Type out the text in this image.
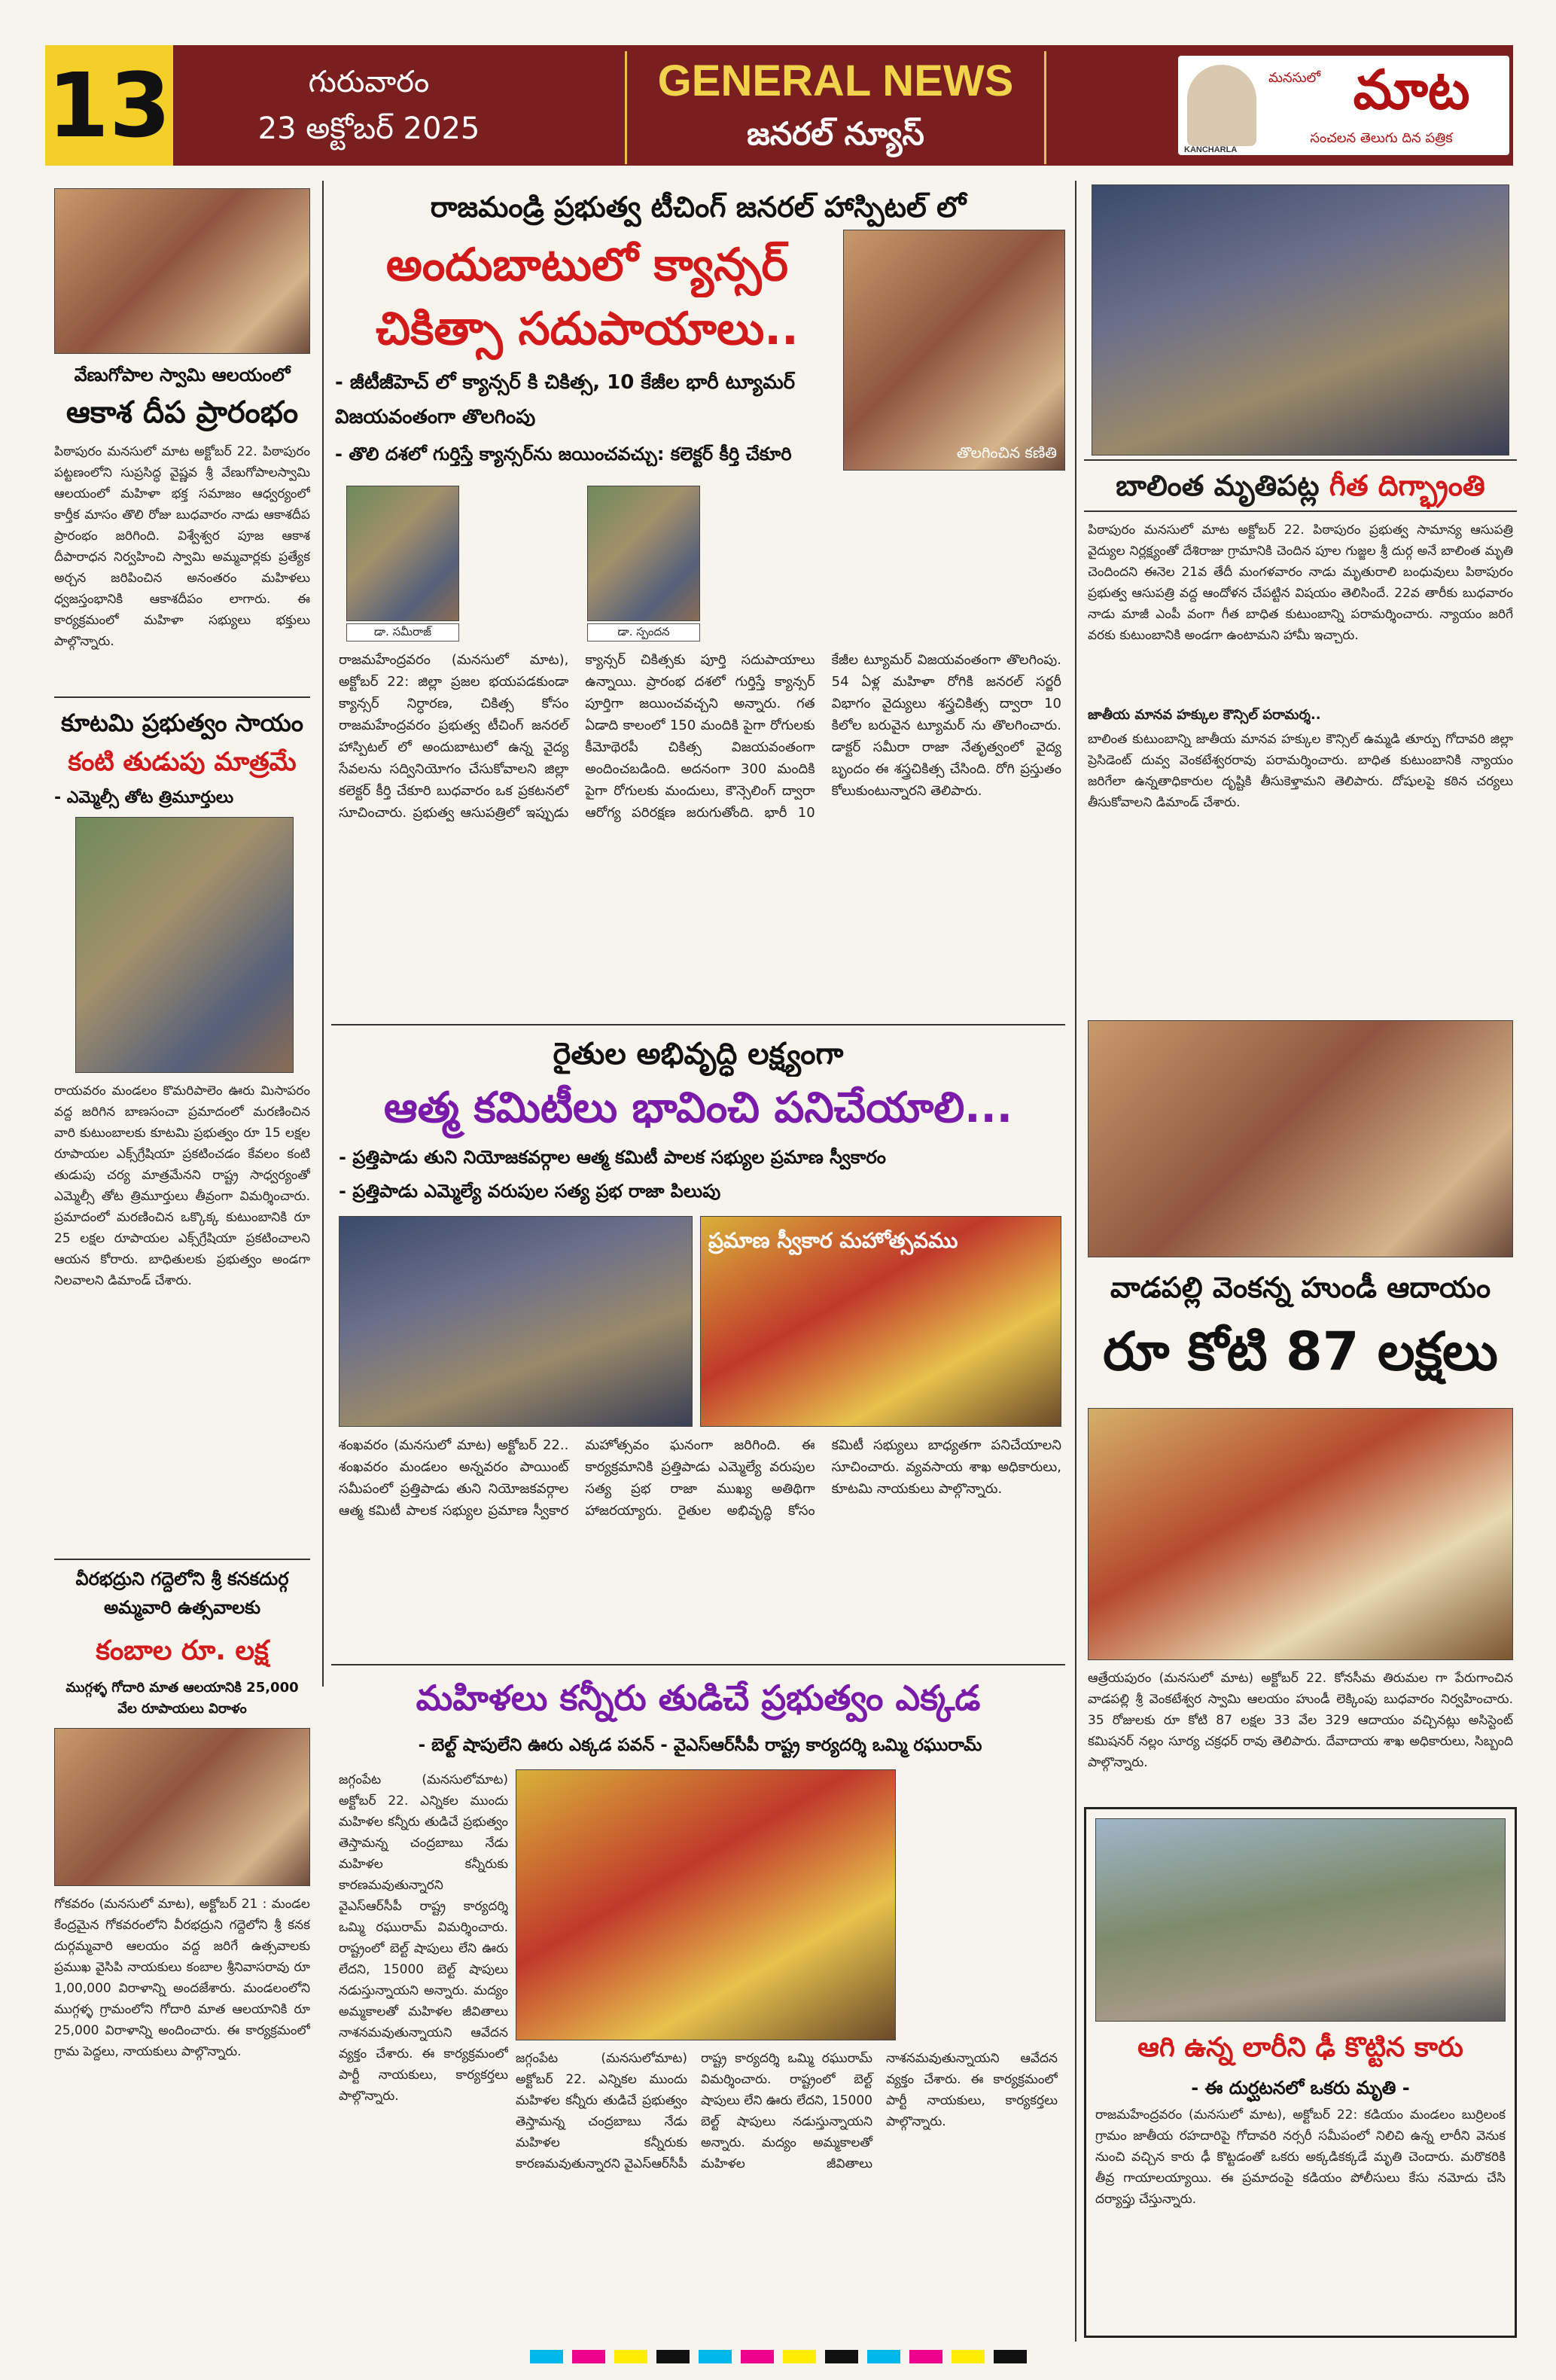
13	గురువారం
23 అక్టోబర్ 2025
GENERAL NEWS
జనరల్ న్యూస్
మనసులో మాట
సంచలన తెలుగు దిన పత్రిక
KANCHARLA
వేణుగోపాల స్వామి ఆలయంలో
ఆకాశ దీప ప్రారంభం
పిఠాపురం మనసులో మాట అక్టోబర్ 22. పిఠాపురం పట్టణంలోని సుప్రసిద్ధ వైష్ణవ శ్రీ వేణుగోపాలస్వామి ఆలయంలో మహిళా భక్త సమాజం ఆధ్వర్యంలో కార్తీక మాసం తొలి రోజు బుధవారం నాడు ఆకాశదీప ప్రారంభం జరిగింది. విశ్వేశ్వర పూజ ఆకాశ దీపారాధన నిర్వహించి స్వామి అమ్మవార్లకు ప్రత్యేక అర్చన జరిపించిన అనంతరం మహిళలు ధ్వజస్తంభానికి ఆకాశదీపం లాగారు. ఈ కార్యక్రమంలో మహిళా సభ్యులు భక్తులు పాల్గొన్నారు.
కూటమి ప్రభుత్వం సాయం
కంటి తుడుపు మాత్రమే
- ఎమ్మెల్సీ తోట త్రిమూర్తులు
రాయవరం మండలం కొమరిపాలెం ఊరు మిసాపరం వద్ద జరిగిన బాణసంచా ప్రమాదంలో మరణించిన వారి కుటుంబాలకు కూటమి ప్రభుత్వం రూ 15 లక్షల రూపాయల ఎక్స్‌గ్రేషియా ప్రకటించడం కేవలం కంటి తుడుపు చర్య మాత్రమేనని రాష్ట్ర సాధ్వర్యంతో ఎమ్మెల్సీ తోట త్రిమూర్తులు తీవ్రంగా విమర్శించారు. ప్రమాదంలో మరణించిన ఒక్కొక్క కుటుంబానికి రూ 25 లక్షల రూపాయల ఎక్స్‌గ్రేషియా ప్రకటించాలని ఆయన కోరారు. బాధితులకు ప్రభుత్వం అండగా నిలవాలని డిమాండ్ చేశారు.
వీరభద్రుని గద్దెలోని శ్రీ కనకదుర్గ అమ్మవారి ఉత్సవాలకు
కంబాల రూ. లక్ష
ముగ్గళ్ళ గోదారి మాత ఆలయానికి 25,000 వేల రూపాయలు విరాళం
గోకవరం (మనసులో మాట), అక్టోబర్ 21 : మండల కేంద్రమైన గోకవరంలోని వీరభద్రుని గద్దెలోని శ్రీ కనక దుర్గమ్మవారి ఆలయం వద్ద జరిగే ఉత్సవాలకు ప్రముఖ వైసిపి నాయకులు కంబాల శ్రీనివాసరావు రూ 1,00,000 విరాళాన్ని అందజేశారు. మండలంలోని ముగ్గళ్ళ గ్రామంలోని గోదారి మాత ఆలయానికి రూ 25,000 విరాళాన్ని అందించారు. ఈ కార్యక్రమంలో గ్రామ పెద్దలు, నాయకులు పాల్గొన్నారు.
రాజమండ్రి ప్రభుత్వ టీచింగ్ జనరల్ హాస్పిటల్ లో
అందుబాటులో క్యాన్సర్
చికిత్సా సదుపాయాలు..
తొలగించిన కణితి
- జీటీజీహెచ్ లో క్యాన్సర్ కి చికిత్స, 10 కేజీల భారీ ట్యూమర్ విజయవంతంగా తొలగింపు
- తొలి దశలో గుర్తిస్తే క్యాన్సర్‌ను జయించవచ్చు: కలెక్టర్ కీర్తి చేకూరి
డా. సమీరాజ్	డా. స్పందన
రాజమహేంద్రవరం (మనసులో మాట), అక్టోబర్ 22: జిల్లా ప్రజల భయపడకుండా క్యాన్సర్ నిర్ధారణ, చికిత్స కోసం రాజమహేంద్రవరం ప్రభుత్వ టీచింగ్ జనరల్ హాస్పిటల్ లో అందుబాటులో ఉన్న వైద్య సేవలను సద్వినియోగం చేసుకోవాలని జిల్లా కలెక్టర్ కీర్తి చేకూరి బుధవారం ఒక ప్రకటనలో సూచించారు. ప్రభుత్వ ఆసుపత్రిలో ఇప్పుడు క్యాన్సర్ చికిత్సకు పూర్తి సదుపాయాలు ఉన్నాయి. ప్రారంభ దశలో గుర్తిస్తే క్యాన్సర్ పూర్తిగా జయించవచ్చని అన్నారు. గత ఏడాది కాలంలో 150 మందికి పైగా రోగులకు కీమోథెరపీ చికిత్స విజయవంతంగా అందించబడింది. అదనంగా 300 మందికి పైగా రోగులకు మందులు, కౌన్సెలింగ్ ద్వారా ఆరోగ్య పరిరక్షణ జరుగుతోంది. భారీ 10 కేజీల ట్యూమర్ విజయవంతంగా తొలగింపు. 54 ఏళ్ల మహిళా రోగికి జనరల్ సర్జరీ విభాగం వైద్యులు శస్త్రచికిత్స ద్వారా 10 కిలోల బరువైన ట్యూమర్ ను తొలగించారు. డాక్టర్ సమీరా రాజా నేతృత్వంలో వైద్య బృందం ఈ శస్త్రచికిత్స చేసింది. రోగి ప్రస్తుతం కోలుకుంటున్నారని తెలిపారు.
బాలింత మృతిపట్ల గీత దిగ్భ్రాంతి
పిఠాపురం మనసులో మాట అక్టోబర్ 22. పిఠాపురం ప్రభుత్వ సామాన్య ఆసుపత్రి వైద్యుల నిర్లక్ష్యంతో దేశిరాజు గ్రామానికి చెందిన పూల గుజ్జల శ్రీ దుర్గ అనే బాలింత మృతి చెందిందని ఈనెల 21వ తేదీ మంగళవారం నాడు మృతురాలి బంధువులు పిఠాపురం ప్రభుత్వ ఆసుపత్రి వద్ద ఆందోళన చేపట్టిన విషయం తెలిసిందే. 22వ తారీకు బుధవారం నాడు మాజీ ఎంపీ వంగా గీత బాధిత కుటుంబాన్ని పరామర్శించారు. న్యాయం జరిగే వరకు కుటుంబానికి అండగా ఉంటామని హామీ ఇచ్చారు.
జాతీయ మానవ హక్కుల కౌన్సిల్ పరామర్శ..
బాలింత కుటుంబాన్ని జాతీయ మానవ హక్కుల కౌన్సిల్ ఉమ్మడి తూర్పు గోదావరి జిల్లా ప్రెసిడెంట్ దువ్వ వెంకటేశ్వరరావు పరామర్శించారు. బాధిత కుటుంబానికి న్యాయం జరిగేలా ఉన్నతాధికారుల దృష్టికి తీసుకెళ్తామని తెలిపారు. దోషులపై కఠిన చర్యలు తీసుకోవాలని డిమాండ్ చేశారు.
వాడపల్లి వెంకన్న హుండీ ఆదాయం
రూ కోటి 87 లక్షలు
ఆత్రేయపురం (మనసులో మాట) అక్టోబర్ 22. కోనసీమ తిరుమల గా పేరుగాంచిన వాడపల్లి శ్రీ వెంకటేశ్వర స్వామి ఆలయం హుండీ లెక్కింపు బుధవారం నిర్వహించారు. 35 రోజులకు రూ కోటి 87 లక్షల 33 వేల 329 ఆదాయం వచ్చినట్లు అసిస్టెంట్ కమిషనర్ నల్లం సూర్య చక్రధర్ రావు తెలిపారు. దేవాదాయ శాఖ అధికారులు, సిబ్బంది పాల్గొన్నారు.
ఆగి ఉన్న లారీని ఢీ కొట్టిన కారు
- ఈ దుర్ఘటనలో ఒకరు మృతి -
రాజమహేంద్రవరం (మనసులో మాట), అక్టోబర్ 22: కడియం మండలం బుర్రిలంక గ్రామం జాతీయ రహదారిపై గోదావరి నర్సరీ సమీపంలో నిలిచి ఉన్న లారీని వెనుక నుంచి వచ్చిన కారు ఢీ కొట్టడంతో ఒకరు అక్కడికక్కడే మృతి చెందారు. మరొకరికి తీవ్ర గాయాలయ్యాయి. ఈ ప్రమాదంపై కడియం పోలీసులు కేసు నమోదు చేసి దర్యాప్తు చేస్తున్నారు.
రైతుల అభివృద్ధి లక్ష్యంగా
ఆత్మ కమిటీలు భావించి పనిచేయాలి...
- ప్రత్తిపాడు తుని నియోజకవర్గాల ఆత్మ కమిటీ పాలక సభ్యుల ప్రమాణ స్వీకారం
- ప్రత్తిపాడు ఎమ్మెల్యే వరుపుల సత్య ప్రభ రాజా పిలుపు
ప్రమాణ స్వీకార మహోత్సవము
శంఖవరం (మనసులో మాట) అక్టోబర్ 22.. శంఖవరం మండలం అన్నవరం పాయింట్ సమీపంలో ప్రత్తిపాడు తుని నియోజకవర్గాల ఆత్మ కమిటీ పాలక సభ్యుల ప్రమాణ స్వీకార మహోత్సవం ఘనంగా జరిగింది. ఈ కార్యక్రమానికి ప్రత్తిపాడు ఎమ్మెల్యే వరుపుల సత్య ప్రభ రాజా ముఖ్య అతిథిగా హాజరయ్యారు. రైతుల అభివృద్ధి కోసం కమిటీ సభ్యులు బాధ్యతగా పనిచేయాలని సూచించారు. వ్యవసాయ శాఖ అధికారులు, కూటమి నాయకులు పాల్గొన్నారు.
మహిళలు కన్నీరు తుడిచే ప్రభుత్వం ఎక్కడ
- బెల్ట్ షాపులేని ఊరు ఎక్కడ పవన్ - వైఎస్ఆర్‌సీపీ రాష్ట్ర కార్యదర్శి ఒమ్మి రఘురామ్
జగ్గంపేట (మనసులోమాట) అక్టోబర్ 22. ఎన్నికల ముందు మహిళల కన్నీరు తుడిచే ప్రభుత్వం తెస్తామన్న చంద్రబాబు నేడు మహిళల కన్నీరుకు కారణమవుతున్నారని వైఎస్ఆర్‌సీపీ రాష్ట్ర కార్యదర్శి ఒమ్మి రఘురామ్ విమర్శించారు. రాష్ట్రంలో బెల్ట్ షాపులు లేని ఊరు లేదని, 15000 బెల్ట్ షాపులు నడుస్తున్నాయని అన్నారు. మద్యం అమ్మకాలతో మహిళల జీవితాలు నాశనమవుతున్నాయని ఆవేదన వ్యక్తం చేశారు. ఈ కార్యక్రమంలో పార్టీ నాయకులు, కార్యకర్తలు పాల్గొన్నారు.
జగ్గంపేట (మనసులోమాట) అక్టోబర్ 22. ఎన్నికల ముందు మహిళల కన్నీరు తుడిచే ప్రభుత్వం తెస్తామన్న చంద్రబాబు నేడు మహిళల కన్నీరుకు కారణమవుతున్నారని వైఎస్ఆర్‌సీపీ రాష్ట్ర కార్యదర్శి ఒమ్మి రఘురామ్ విమర్శించారు. రాష్ట్రంలో బెల్ట్ షాపులు లేని ఊరు లేదని, 15000 బెల్ట్ షాపులు నడుస్తున్నాయని అన్నారు. మద్యం అమ్మకాలతో మహిళల జీవితాలు నాశనమవుతున్నాయని ఆవేదన వ్యక్తం చేశారు. ఈ కార్యక్రమంలో పార్టీ నాయకులు, కార్యకర్తలు పాల్గొన్నారు.
